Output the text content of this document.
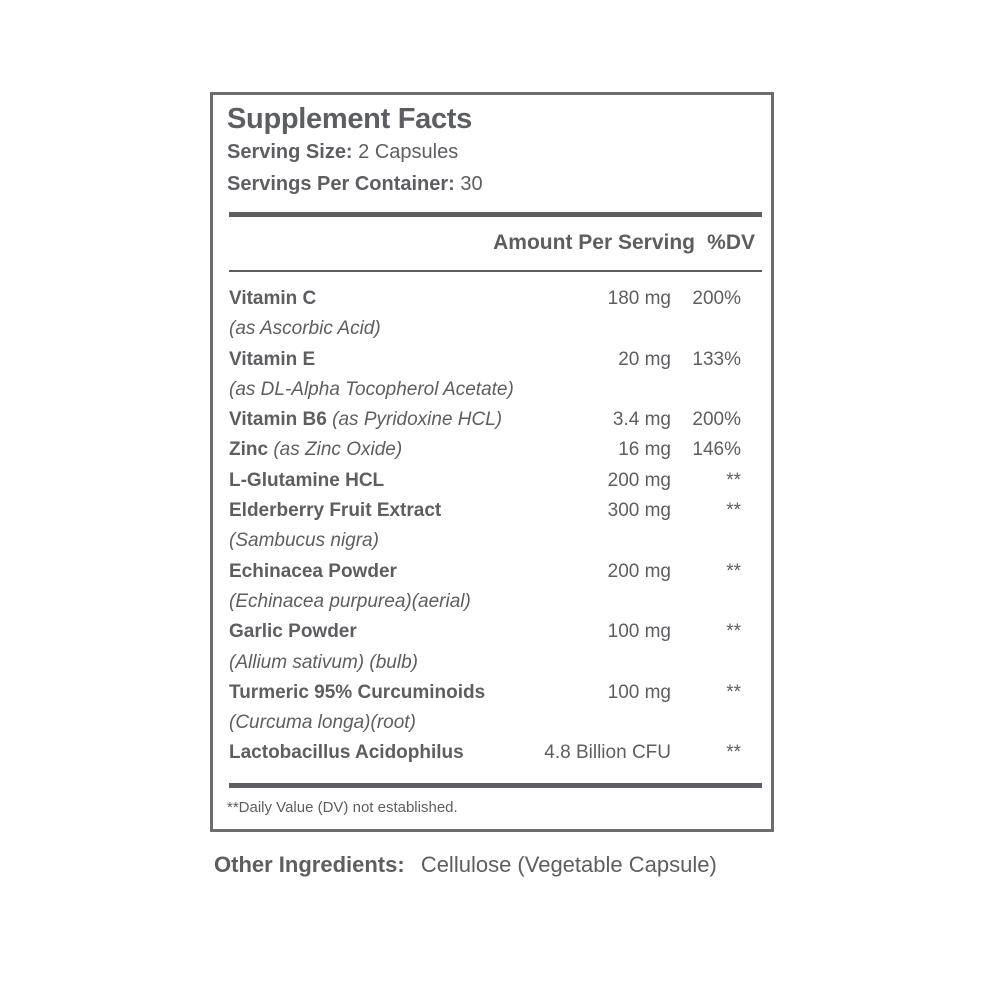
Supplement Facts
Serving Size: 2 Capsules
Servings Per Container: 30
Amount Per Serving %DV
Vitamin C	180 mg 200%
(as Ascorbic Acid)
Vitamin E	20 mg 133%
(as DL-Alpha Tocopherol Acetate)
Vitamin B6 (as Pyridoxine HCL)	3.4 mg 200%
Zinc (as Zinc Oxide)	16 mg 146%
L-Glutamine HCL	200 mg	**
Elderberry Fruit Extract	300 mg	**
(Sambucus nigra)
Echinacea Powder	200 mg	**
(Echinacea purpurea)(aerial)
Garlic Powder	100 mg	**
(Allium sativum) (bulb)
Turmeric 95% Curcuminoids	100 mg	**
(Curcuma longa)(root)
Lactobacillus Acidophilus	4.8 Billion CFU	**
**Daily Value (DV) not established.
Other Ingredients: Cellulose (Vegetable Capsule)
